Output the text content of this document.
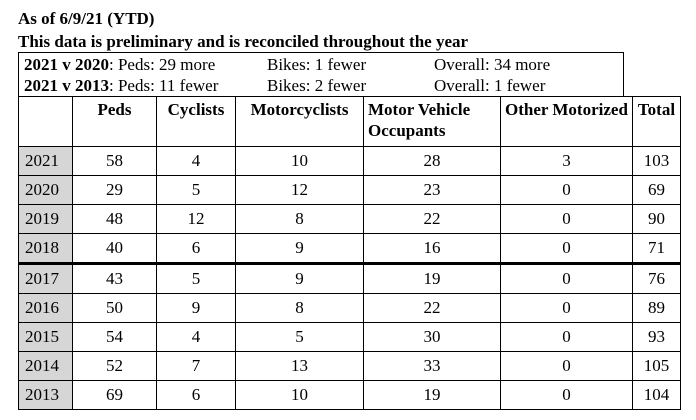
As of 6/9/21 (YTD)
This data is preliminary and is reconciled throughout the year
2021 v 2020: Peds: 29 more	Bikes: 1 fewer	Overall: 34 more
2021 v 2013: Peds: 11 fewer	Bikes: 2 fewer	Overall: 1 fewer
	Peds	Cyclists	Motorcyclists	Motor Vehicle Occupants	Other Motorized	Total
2021	58	4	10	28	3	103
2020	29	5	12	23	0	69
2019	48	12	8	22	0	90
2018	40	6	9	16	0	71
2017	43	5	9	19	0	76
2016	50	9	8	22	0	89
2015	54	4	5	30	0	93
2014	52	7	13	33	0	105
2013	69	6	10	19	0	104
